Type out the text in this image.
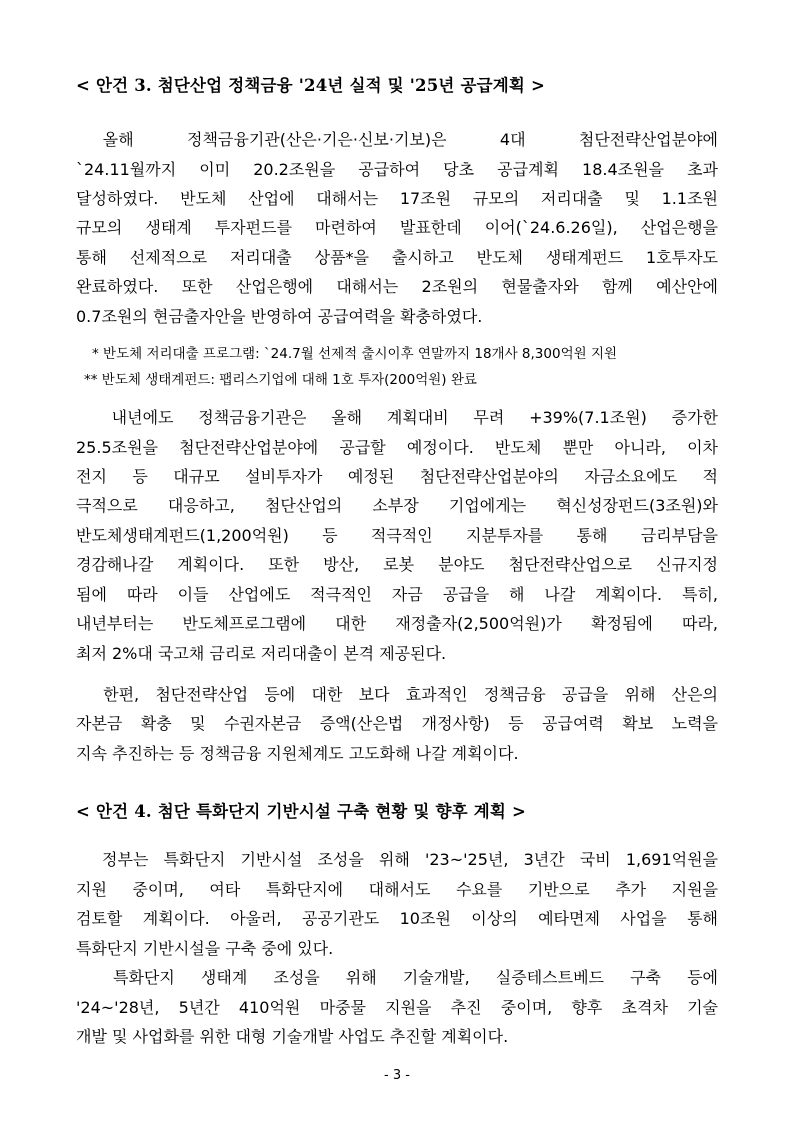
< 안건 3. 첨단산업 정책금융 '24년 실적 및 '25년 공급계획 >
　올해　 정책금융기관(산은·기은·신보·기보)은　 4대　 첨단전략산업분야에
`24.11월까지 이미 20.2조원을 공급하여 당초 공급계획 18.4조원을 초과
달성하였다. 반도체 산업에 대해서는 17조원 규모의 저리대출 및 1.1조원
규모의 생태계 투자펀드를 마련하여 발표한데 이어(`24.6.26일), 산업은행을
통해 선제적으로 저리대출 상품*을 출시하고 반도체 생태계펀드 1호투자도
완료하였다. 또한 산업은행에 대해서는 2조원의 현물출자와 함께 예산안에
0.7조원의 현금출자안을 반영하여 공급여력을 확충하였다.
* 반도체 저리대출 프로그램: `24.7월 선제적 출시이후 연말까지 18개사 8,300억원 지원
** 반도체 생태계펀드: 팹리스기업에 대해 1호 투자(200억원) 완료
　내년에도 정책금융기관은 올해 계획대비 무려 +39%(7.1조원) 증가한
25.5조원을 첨단전략산업분야에 공급할 예정이다. 반도체 뿐만 아니라, 이차
전지 등 대규모 설비투자가 예정된 첨단전략산업분야의 자금소요에도 적
극적으로 대응하고, 첨단산업의 소부장 기업에게는 혁신성장펀드(3조원)와
반도체생태계펀드(1,200억원) 등 적극적인 지분투자를 통해 금리부담을
경감해나갈 계획이다. 또한 방산, 로봇 분야도 첨단전략산업으로 신규지정
됨에 따라 이들 산업에도 적극적인 자금 공급을 해 나갈 계획이다. 특히,
내년부터는 반도체프로그램에 대한 재정출자(2,500억원)가 확정됨에 따라,
최저 2%대 국고채 금리로 저리대출이 본격 제공된다.
　한편, 첨단전략산업 등에 대한 보다 효과적인 정책금융 공급을 위해 산은의
자본금 확충 및 수권자본금 증액(산은법 개정사항) 등 공급여력 확보 노력을
지속 추진하는 등 정책금융 지원체계도 고도화해 나갈 계획이다.
< 안건 4. 첨단 특화단지 기반시설 구축 현황 및 향후 계획 >
　정부는 특화단지 기반시설 조성을 위해 '23~'25년, 3년간 국비 1,691억원을
지원 중이며, 여타 특화단지에 대해서도 수요를 기반으로 추가 지원을
검토할 계획이다. 아울러, 공공기관도 10조원 이상의 예타면제 사업을 통해
특화단지 기반시설을 구축 중에 있다.
　특화단지 생태계 조성을 위해 기술개발, 실증테스트베드 구축 등에
'24~'28년, 5년간 410억원 마중물 지원을 추진 중이며, 향후 초격차 기술
개발 및 사업화를 위한 대형 기술개발 사업도 추진할 계획이다.
- 3 -
